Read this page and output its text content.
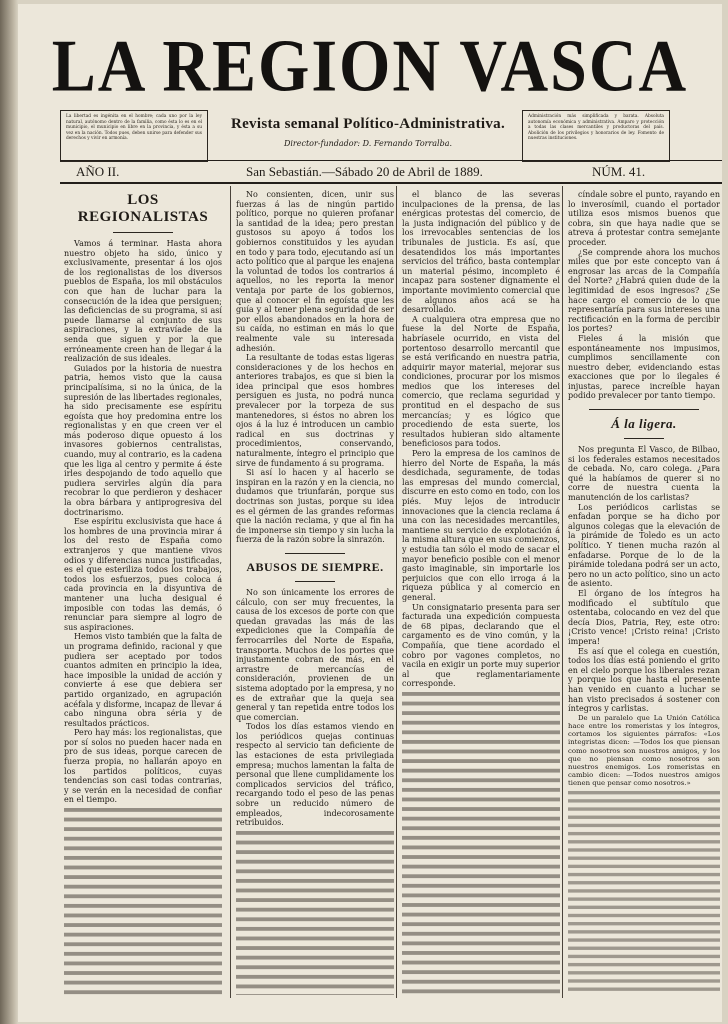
LA REGION VASCA
La libertad es ingénita en el hombre; cada uno por la ley natural, autónomo dentro de la familia, como ésta lo es en el municipio, el municipio en libre en la provincia, y ésta a su vez en la nación. Todos pues, deben unirse para defender sus derechos y vivir en armonía.
Revista semanal Político-Administrativa.
Director-fundador: D. Fernando Torralba.
Administración más simplificada y barata. Absoluta autonomía económica y administrativa. Amparo y protección a todas las clases mercantiles y productoras del país. Abolición de los privilegios y honorarios de ley. Fomento de nuestras instituciones.
AÑO II.	San Sebastián.—Sábado 20 de Abril de 1889.	NÚM. 41.
LOS REGIONALISTAS

Vamos á terminar. Hasta ahora nuestro objeto ha sido, único y exclusivamente, presentar á los ojos de los regionalistas de los diversos pueblos de España, los mil obstáculos con que han de luchar para la consecución de la idea que persiguen; las deficiencias de su programa, si así puede llamarse al conjunto de sus aspiraciones, y la extravíade de la senda que siguen y por la que erróneamente creen han de llegar á la realización de sus ideales.

Guiados por la historia de nuestra patria, hemos visto que la causa principalísima, si no la única, de la supresión de las libertades regionales, ha sido precisamente ese espíritu egoísta que hoy predomina entre los regionalistas y en que creen ver el más poderoso dique opuesto á los invasores gobiernos centralistas, cuando, muy al contrario, es la cadena que les liga al centro y permite á éste irles despojando de todo aquello que pudiera servirles algún día para recobrar lo que perdieron y deshacer la obra bárbara y antiprogresiva del doctrinarismo.

Ese espíritu exclusivista que hace á los hombres de una provincia mirar á los del resto de España como extranjeros y que mantiene vivos odios y diferencias nunca justificadas, es el que esteriliza todos los trabajos, todos los esfuerzos, pues coloca á cada provincia en la disyuntiva de mantener una lucha desigual é imposible con todas las demás, ó renunciar para siempre al logro de sus aspiraciones.

Hemos visto también que la falta de un programa definido, racional y que pudiera ser aceptado por todos cuantos admiten en principio la idea, hace imposible la unidad de acción y convierte á ese que debiera ser partido organizado, en agrupación acéfala y disforme, incapaz de llevar á cabo ninguna obra séria y de resultados prácticos.

Pero hay más: los regionalistas, que por sí solos no pueden hacer nada en pro de sus ideas, porque carecen de fuerza propia, no hallarán apoyo en los partidos políticos, cuyas tendencias son casi todas contrarias, y se verán en la necesidad de confiar en el tiempo.

No consienten, dicen, unir sus fuerzas á las de ningún partido político, porque no quieren profanar la santidad de la idea; pero prestan gustosos su apoyo á todos los gobiernos constituidos y les ayudan en todo y para todo, ejecutando así un acto político que al parque les enajena la voluntad de todos los contrarios á aquellos, no les reporta la menor ventaja por parte de los gobiernos, que al conocer el fin egoísta que les guía y al tener plena seguridad de ser por ellos abandonados en la hora de su caída, no estiman en más lo que realmente vale su interesada adhesión.

La resultante de todas estas ligeras consideraciones y de los hechos en anteriores trabajos, es que si bien la idea principal que esos hombres persiguen es justa, no podrá nunca prevalecer por la torpeza de sus mantenedores, si éstos no abren los ojos á la luz é introducen un cambio radical en sus doctrinas y procedimientos, conservando, naturalmente, íntegro el principio que sirve de fundamento á su programa.

Si así lo hacen y al hacerlo se inspiran en la razón y en la ciencia, no dudamos que triunfarán, porque sus doctrinas son justas, porque su idea es el gérmen de las grandes reformas que la nación reclama, y que al fin ha de imponerse sin tiempo y sin lucha la fuerza de la razón sobre la sinrazón.

ABUSOS DE SIEMPRE.

No son únicamente los errores de cálculo, con ser muy frecuentes, la causa de los excesos de porte con que quedan gravadas las más de las expediciones que la Compañía de ferrocarriles del Norte de España, transporta. Muchos de los portes que injustamente cobran de más, en el arrastre de mercancías de consideración, provienen de un sistema adoptado por la empresa, y no es de extrañar que la queja sea general y tan repetida entre todos los que comercian.

Todos los días estamos viendo en los periódicos quejas continuas respecto al servicio tan deficiente de las estaciones de esta privilegiada empresa; muchos lamentan la falta de personal que llene cumplidamente los complicados servicios del tráfico, recargando todo el peso de las penas sobre un reducido número de empleados, indecorosamente retribuidos.

el blanco de las severas inculpaciones de la prensa, de las enérgicas protestas del comercio, de la justa indignación del público y de los irrevocables sentencias de los tribunales de justicia. Es así, que desatendidos los más importantes servicios del tráfico, basta contemplar un material pésimo, incompleto é incapaz para sostener dignamente el importante movimiento comercial que de algunos años acá se ha desarrollado.

A cualquiera otra empresa que no fuese la del Norte de España, habríasele ocurrido, en vista del portentoso desarrollo mercantil que se está verificando en nuestra patria, adquirir mayor material, mejorar sus condiciones, procurar por los mismos medios que los intereses del comercio, que reclama seguridad y prontitud en el despacho de sus mercancías; y es lógico que procediendo de esta suerte, los resultados hubieran sido altamente beneficiosos para todos.

Pero la empresa de los caminos de hierro del Norte de España, la más desdichada, seguramente, de todas las empresas del mundo comercial, discurre en esto como en todo, con los piés. Muy lejos de introducir innovaciones que la ciencia reclama á una con las necesidades mercantiles, mantiene su servicio de explotación á la misma altura que en sus comienzos, y estudia tan sólo el modo de sacar el mayor beneficio posible con el menor gasto imaginable, sin importarle los perjuicios que con ello irroga á la riqueza pública y al comercio en general.

Un consignatario presenta para ser facturada una expedición compuesta de 68 pipas, declarando que el cargamento es de vino común, y la Compañía, que tiene acordado el cobro por vagones completos, no vacila en exigir un porte muy superior al que reglamentariamente corresponde.

cíndale sobre el punto, rayando en lo inverosímil, cuando el portador utiliza esos mismos buenos que cobra, sin que haya nadie que se atreva á protestar contra semejante proceder.

¿Se comprende ahora los muchos miles que por este concepto van á engrosar las arcas de la Compañía del Norte? ¿Habrá quien dude de la legitimidad de esos ingresos? ¿Se hace cargo el comercio de lo que representaría para sus intereses una rectificación en la forma de percibir los portes?

Fieles á la misión que espontáneamente nos impusimos, cumplimos sencillamente con nuestro deber, evidenciando estas exacciones que por lo ilegales é injustas, parece increíble hayan podido prevalecer por tanto tiempo.

Á la ligera.

Nos pregunta El Vasco, de Bilbao, si los federales estamos necesitados de cebada. No, caro colega. ¿Para qué la habíamos de querer si no corre de nuestra cuenta la manutención de los carlistas?

Los periódicos carlistas se enfadan porque se ha dicho por algunos colegas que la elevación de la pirámide de Toledo es un acto político. Y tienen mucha razón al enfadarse. Porque de lo de la pirámide toledana podrá ser un acto, pero no un acto político, sino un acto de asiento.

El órgano de los íntegros ha modificado el subtítulo que ostentaba, colocando en vez del que decía Dios, Patria, Rey, este otro: ¡Cristo vence! ¡Cristo reina! ¡Cristo impera!

Es así que el colega en cuestión, todos los días está poniendo el grito en el cielo porque los liberales rezan y porque los que hasta el presente han venido en cuanto a luchar se han visto precisados á sostener con íntegros y carlistas.

De un paralelo que La Unión Católica hace entre los romeristas y los íntegros, cortamos los siguientes párrafos: «Los integristas dicen: —Todos los que piensan como nosotros son nuestros amigos, y los que no piensan como nosotros son nuestros enemigos. Los romeristas en cambio dicen: —Todos nuestros amigos tienen que pensar como nosotros.»
